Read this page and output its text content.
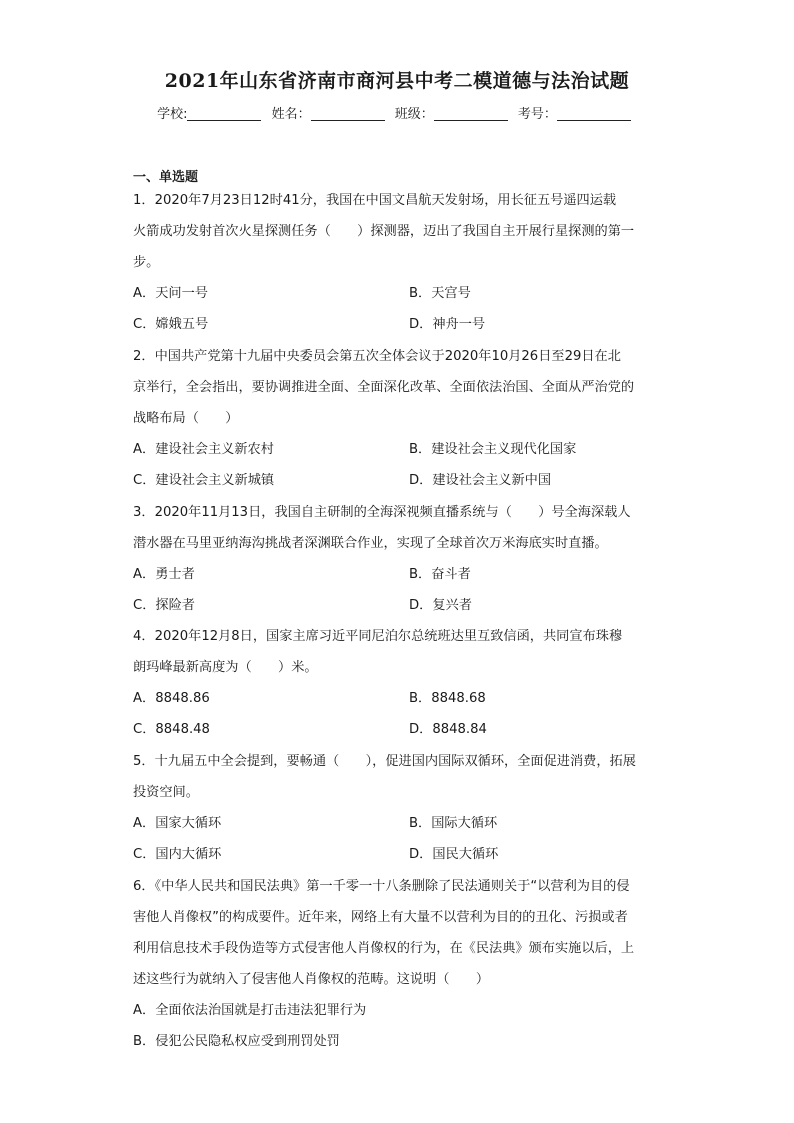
2021年山东省济南市商河县中考二模道德与法治试题
学校:	姓名：	班级：	考号：
一、单选题
1．2020年7月23日12时41分，我国在中国文昌航天发射场，用长征五号遥四运载
火箭成功发射首次火星探测任务（　　）探测器，迈出了我国自主开展行星探测的第一
步。
A．天问一号	B．天宫号
C．嫦娥五号	D．神舟一号
2．中国共产党第十九届中央委员会第五次全体会议于2020年10月26日至29日在北
京举行，全会指出，要协调推进全面、全面深化改革、全面依法治国、全面从严治党的
战略布局（　　）
A．建设社会主义新农村	B．建设社会主义现代化国家
C．建设社会主义新城镇	D．建设社会主义新中国
3．2020年11月13日，我国自主研制的全海深视频直播系统与（　　）号全海深载人
潜水器在马里亚纳海沟挑战者深渊联合作业，实现了全球首次万米海底实时直播。
A．勇士者	B．奋斗者
C．探险者	D．复兴者
4．2020年12月8日，国家主席习近平同尼泊尔总统班达里互致信函，共同宣布珠穆
朗玛峰最新高度为（　　）米。
A．8848.86	B．8848.68
C．8848.48	D．8848.84
5．十九届五中全会提到，要畅通（　　），促进国内国际双循环，全面促进消费，拓展
投资空间。
A．国家大循环	B．国际大循环
C．国内大循环	D．国民大循环
6．《中华人民共和国民法典》第一千零一十八条删除了民法通则关于“以营利为目的侵
害他人肖像权”的构成要件。近年来，网络上有大量不以营利为目的的丑化、污损或者
利用信息技术手段伪造等方式侵害他人肖像权的行为，在《民法典》颁布实施以后，上
述这些行为就纳入了侵害他人肖像权的范畴。这说明（　　）
A．全面依法治国就是打击违法犯罪行为
B．侵犯公民隐私权应受到刑罚处罚
